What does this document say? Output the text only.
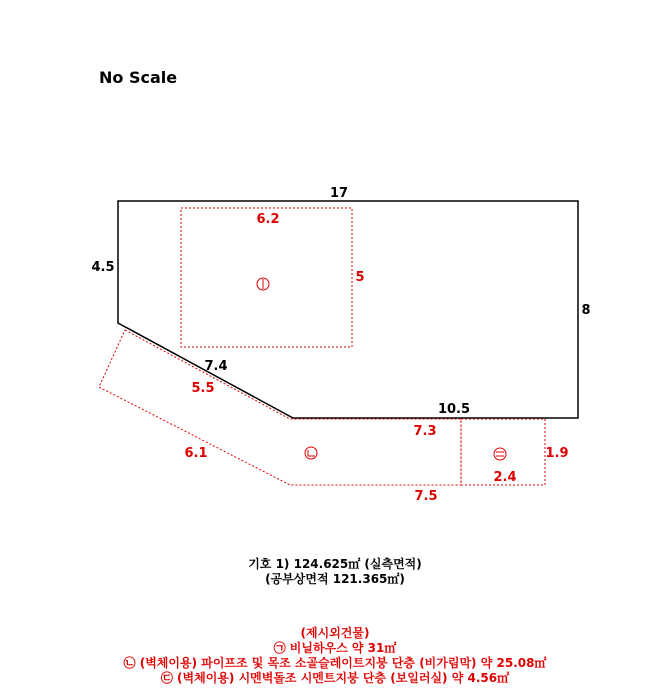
No Scale
17
4.5
8
7.4
10.5
6.2
5
5.5
6.1
7.3
7.5
1.9
2.4
기호 1) 124.625㎡ (실측면적)
(공부상면적 121.365㎡)
(제시외건물)
㉠ 비닐하우스 약 31㎡
㉡ (벽체이용) 파이프조 및 목조 소골슬레이트지붕 단층 (비가림막) 약 25.08㎡
㉢ (벽체이용) 시멘벽돌조 시멘트지붕 단층 (보일러실) 약 4.56㎡
